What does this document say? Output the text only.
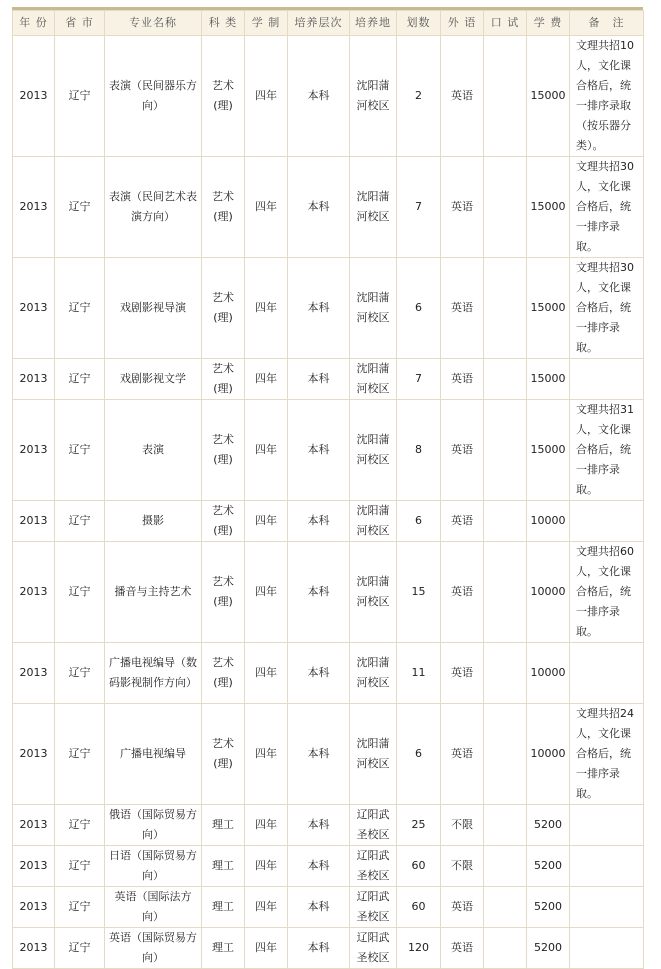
年 份	省 市	专业名称	科 类	学 制	培养层次	培养地	划数	外 语	口 试	学 费	备　注
2013	辽宁	表演（民间器乐方向）	艺术(理)	四年	本科	沈阳蒲河校区	2	英语		15000	文理共招10人，文化课合格后，统一排序录取（按乐器分类）。
2013	辽宁	表演（民间艺术表演方向）	艺术(理)	四年	本科	沈阳蒲河校区	7	英语		15000	文理共招30人，文化课合格后，统一排序录取。
2013	辽宁	戏剧影视导演	艺术(理)	四年	本科	沈阳蒲河校区	6	英语		15000	文理共招30人，文化课合格后，统一排序录取。
2013	辽宁	戏剧影视文学	艺术(理)	四年	本科	沈阳蒲河校区	7	英语		15000	
2013	辽宁	表演	艺术(理)	四年	本科	沈阳蒲河校区	8	英语		15000	文理共招31人，文化课合格后，统一排序录取。
2013	辽宁	摄影	艺术(理)	四年	本科	沈阳蒲河校区	6	英语		10000	
2013	辽宁	播音与主持艺术	艺术(理)	四年	本科	沈阳蒲河校区	15	英语		10000	文理共招60人，文化课合格后，统一排序录取。
2013	辽宁	广播电视编导（数码影视制作方向）	艺术(理)	四年	本科	沈阳蒲河校区	11	英语		10000	
2013	辽宁	广播电视编导	艺术(理)	四年	本科	沈阳蒲河校区	6	英语		10000	文理共招24人，文化课合格后，统一排序录取。
2013	辽宁	俄语（国际贸易方向）	理工	四年	本科	辽阳武圣校区	25	不限		5200	
2013	辽宁	日语（国际贸易方向）	理工	四年	本科	辽阳武圣校区	60	不限		5200	
2013	辽宁	英语（国际法方向）	理工	四年	本科	辽阳武圣校区	60	英语		5200	
2013	辽宁	英语（国际贸易方向）	理工	四年	本科	辽阳武圣校区	120	英语		5200	
